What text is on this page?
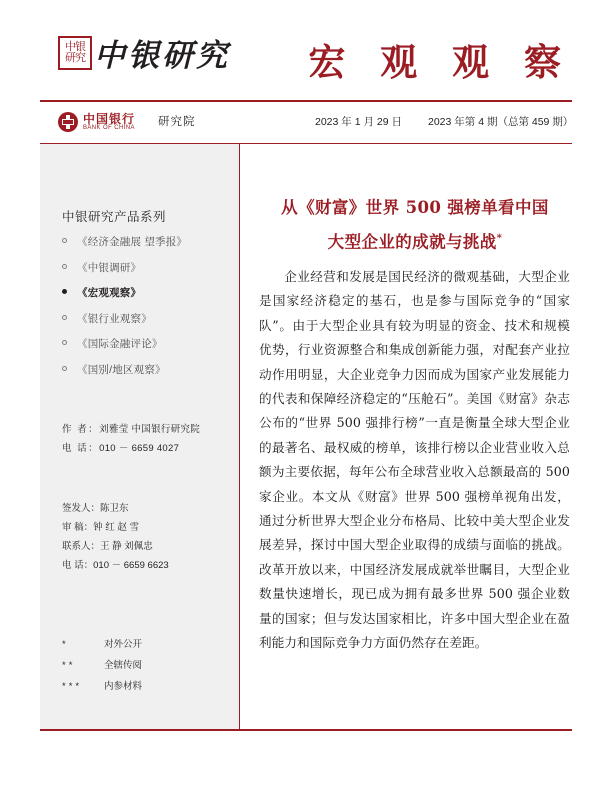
中银
研究 中银研究 宏 观 观 察
中国银行
BANK OF CHINA 研究院	2023 年 1 月 29 日 2023 年第 4 期（总第 459 期）
中银研究产品系列
《经济金融展 望季报》
《中银调研》
《宏观观察》
《银行业观察》
《国际金融评论》
《国别/地区观察》
作 者：刘雅莹 中国银行研究院
电 话：010 － 6659 4027
签发人：陈卫东
审 稿：钟 红 赵 雪
联系人：王 静 刘佩忠
电 话：010 － 6659 6623
*	对外公开
**	全辖传阅
*** 内参材料
从《财富》世界 500 强榜单看中国
大型企业的成就与挑战*
企业经营和发展是国民经济的微观基础，大型企业是国家经济稳定的基石，也是参与国际竞争的“国家队”。由于大型企业具有较为明显的资金、技术和规模优势，行业资源整合和集成创新能力强，对配套产业拉动作用明显，大企业竞争力因而成为国家产业发展能力的代表和保障经济稳定的“压舱石”。美国《财富》杂志公布的“世界 500 强排行榜”一直是衡量全球大型企业的最著名、最权威的榜单，该排行榜以企业营业收入总额为主要依据，每年公布全球营业收入总额最高的 500 家企业。本文从《财富》世界 500 强榜单视角出发，通过分析世界大型企业分布格局、比较中美大型企业发展差异，探讨中国大型企业取得的成绩与面临的挑战。改革开放以来，中国经济发展成就举世瞩目，大型企业数量快速增长，现已成为拥有最多世界 500 强企业数量的国家；但与发达国家相比，许多中国大型企业在盈利能力和国际竞争力方面仍然存在差距。
